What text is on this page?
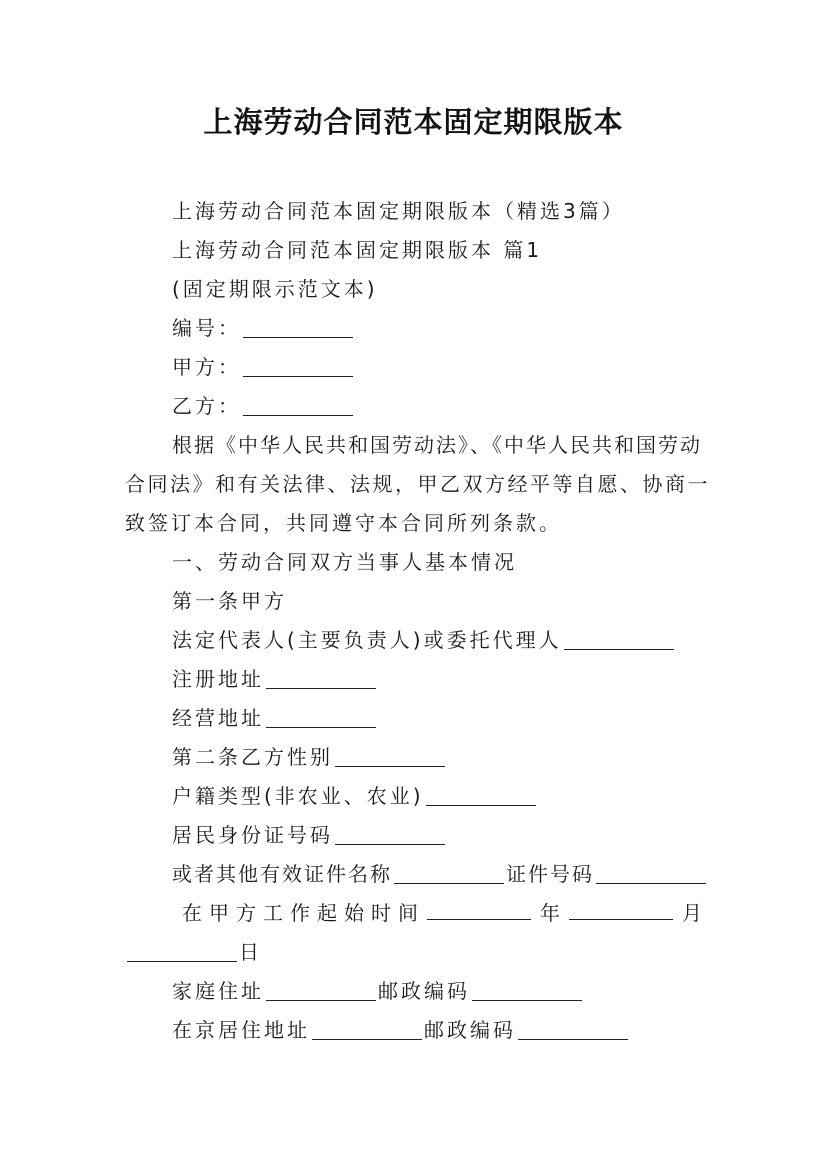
上海劳动合同范本固定期限版本
上海劳动合同范本固定期限版本（精选3篇）
上海劳动合同范本固定期限版本 篇1
(固定期限示范文本)
编号：
甲方：
乙方：
根据《中华人民共和国劳动法》、《中华人民共和国劳动
合同法》和有关法律、法规，甲乙双方经平等自愿、协商一
致签订本合同，共同遵守本合同所列条款。
一、劳动合同双方当事人基本情况
第一条甲方
法定代表人(主要负责人)或委托代理人
注册地址
经营地址
第二条乙方性别
户籍类型(非农业、农业)
居民身份证号码
或者其他有效证件名称	证件号码
在 甲 方 工 作 起 始 时 间	年	月
日
家庭住址	邮政编码
在京居住地址	邮政编码
